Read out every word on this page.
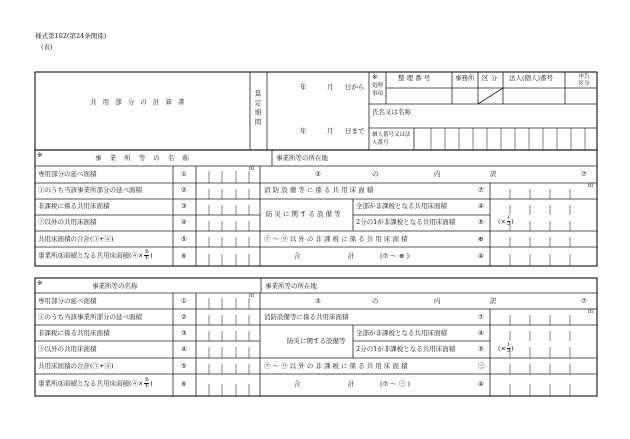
様式第102(第24条関係)
(表)
共 用 部 分 の 計 算 書	算定期間
年	月 日から
年	月 日まで
※
処理事項
整 理 番 号	事務所 区 分 法人(個人)番号	申告区分
氏名又は名称
個人番号又は法人番号
※	事 業 所 等 の 名 称	事業所等の所在地
専用部分の延べ面積	①
㎡
①のうち当該事業所部分の延べ面積	②
非課税に係る共用床面積	③
③以外の共用床面積	④
共用床面積の合計(③+④)	⑤
事業所床面積となる共用床面積(④× $\frac{\text{②}}{\text{①}}$ )	⑥
③	の	内	訳	⑦
消 防 設 備 等 に 係 る 共 用 床 面 積	⑦	㎡
防災に関する設備等
全部が非課税となる共用床面積	④
2分の1が非課税となる共用床面積	⑤ (× $\frac{1}{2}$ )
⑦ ～ ⑨ 以 外 の 非 課 税 に 係 る 共 用 床 面 積	⊕
合	計	(⑦ ～ ⊕ )	④
※	事業所等の名称	事業所等の所在地
専用部分の延べ面積	①
㎡
①のうち当該事業所部分の延べ面積	②
非課税に係る共用床面積	③
③以外の共用床面積	④
共用床面積の合計(③+④)	⑤
事業所床面積となる共用床面積(④× $\frac{\text{②}}{\text{①}}$ )	⑥
③	の	内	訳	⑦
消防設備等に係る共用床面積	⑦
㎡
防災に関する設備等
全部が非課税となる共用床面積	④
2分の1が非課税となる共用床面積	⑤ (× $\frac{1}{2}$ )
⑦ ～ ⑨ 以 外 の 非 課 税 に 係 る 共 用 床 面 積	㊂
合	計	(⑦ ～ ㊂ )	④
